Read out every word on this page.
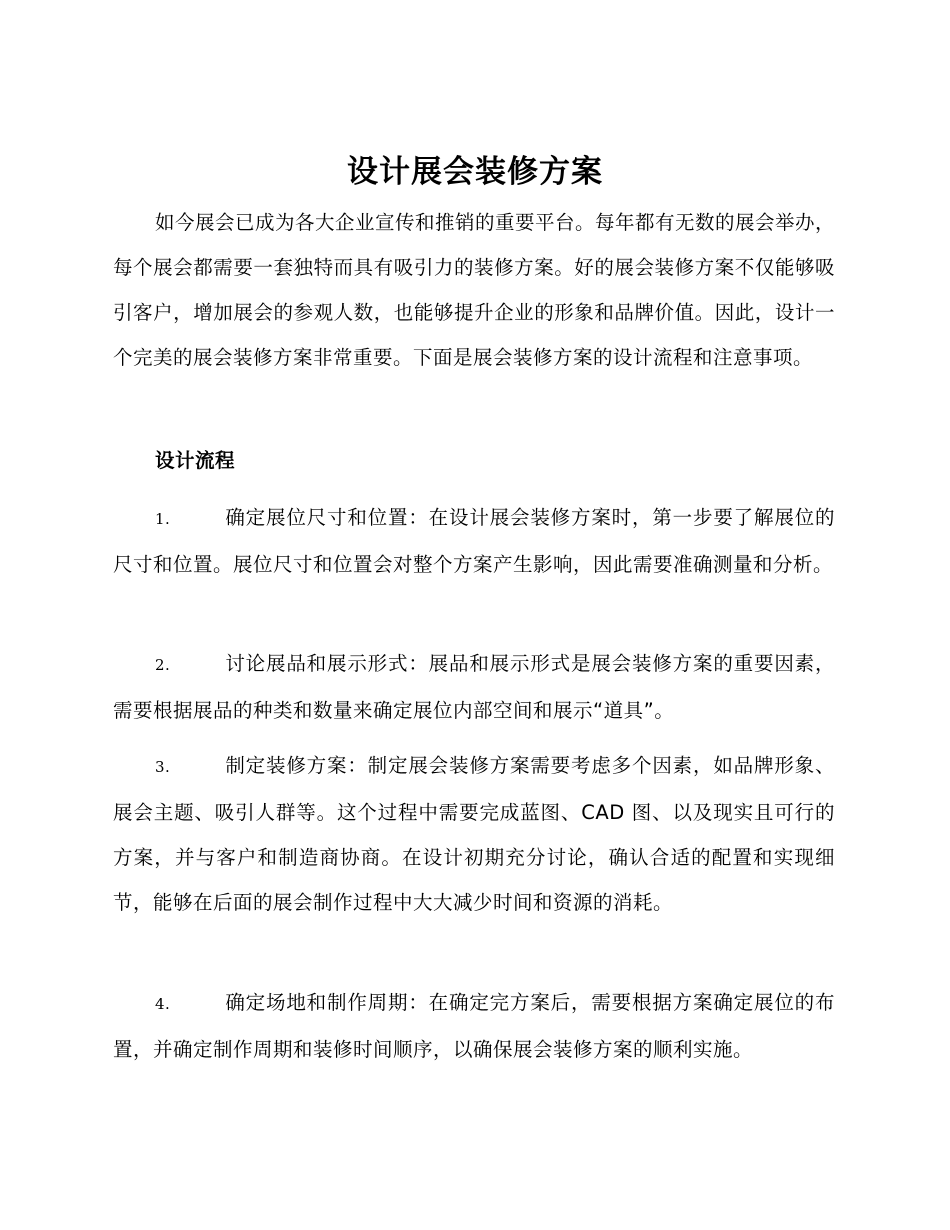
设计展会装修方案

如今展会已成为各大企业宣传和推销的重要平台。每年都有无数的展会举办，每个展会都需要一套独特而具有吸引力的装修方案。好的展会装修方案不仅能够吸引客户，增加展会的参观人数，也能够提升企业的形象和品牌价值。因此，设计一个完美的展会装修方案非常重要。下面是展会装修方案的设计流程和注意事项。

设计流程

1.	确定展位尺寸和位置：在设计展会装修方案时，第一步要了解展位的尺寸和位置。展位尺寸和位置会对整个方案产生影响，因此需要准确测量和分析。

2.	讨论展品和展示形式：展品和展示形式是展会装修方案的重要因素，需要根据展品的种类和数量来确定展位内部空间和展示“道具”。

3.	制定装修方案：制定展会装修方案需要考虑多个因素，如品牌形象、展会主题、吸引人群等。这个过程中需要完成蓝图、CAD 图、以及现实且可行的方案，并与客户和制造商协商。在设计初期充分讨论，确认合适的配置和实现细节，能够在后面的展会制作过程中大大减少时间和资源的消耗。

4.	确定场地和制作周期：在确定完方案后，需要根据方案确定展位的布置，并确定制作周期和装修时间顺序，以确保展会装修方案的顺利实施。
